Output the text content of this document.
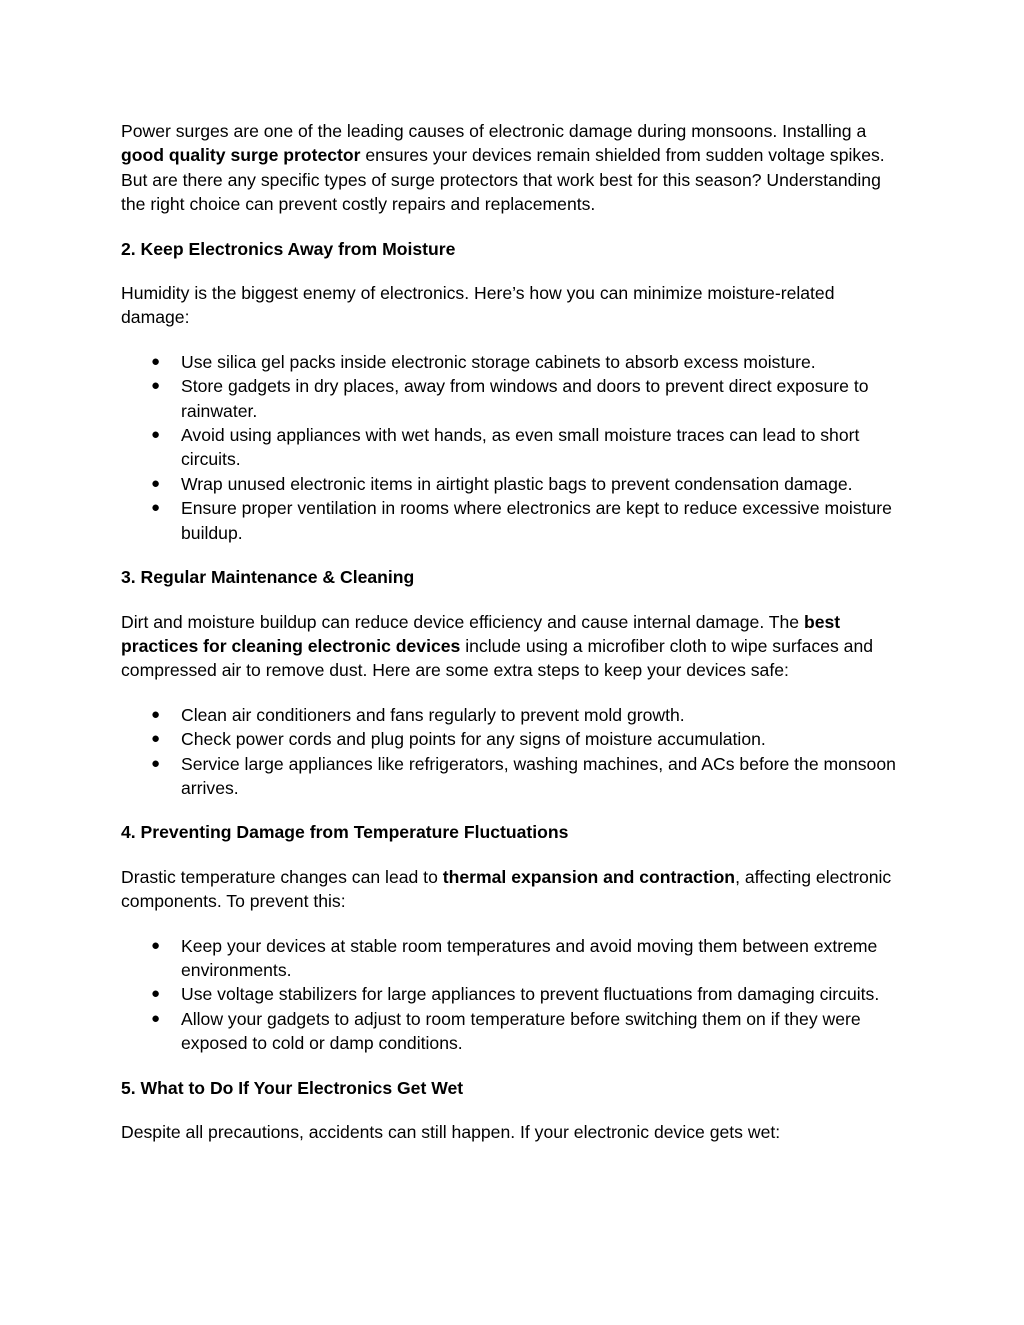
Power surges are one of the leading causes of electronic damage during monsoons. Installing a good quality surge protector ensures your devices remain shielded from sudden voltage spikes. But are there any specific types of surge protectors that work best for this season? Understanding the right choice can prevent costly repairs and replacements.

2. Keep Electronics Away from Moisture

Humidity is the biggest enemy of electronics. Here’s how you can minimize moisture-related damage:

● Use silica gel packs inside electronic storage cabinets to absorb excess moisture.
● Store gadgets in dry places, away from windows and doors to prevent direct exposure to rainwater.
● Avoid using appliances with wet hands, as even small moisture traces can lead to short circuits.
● Wrap unused electronic items in airtight plastic bags to prevent condensation damage.
● Ensure proper ventilation in rooms where electronics are kept to reduce excessive moisture buildup.

3. Regular Maintenance & Cleaning

Dirt and moisture buildup can reduce device efficiency and cause internal damage. The best practices for cleaning electronic devices include using a microfiber cloth to wipe surfaces and compressed air to remove dust. Here are some extra steps to keep your devices safe:

● Clean air conditioners and fans regularly to prevent mold growth.
● Check power cords and plug points for any signs of moisture accumulation.
● Service large appliances like refrigerators, washing machines, and ACs before the monsoon arrives.

4. Preventing Damage from Temperature Fluctuations

Drastic temperature changes can lead to thermal expansion and contraction, affecting electronic components. To prevent this:

● Keep your devices at stable room temperatures and avoid moving them between extreme environments.
● Use voltage stabilizers for large appliances to prevent fluctuations from damaging circuits.
● Allow your gadgets to adjust to room temperature before switching them on if they were exposed to cold or damp conditions.

5. What to Do If Your Electronics Get Wet

Despite all precautions, accidents can still happen. If your electronic device gets wet:
